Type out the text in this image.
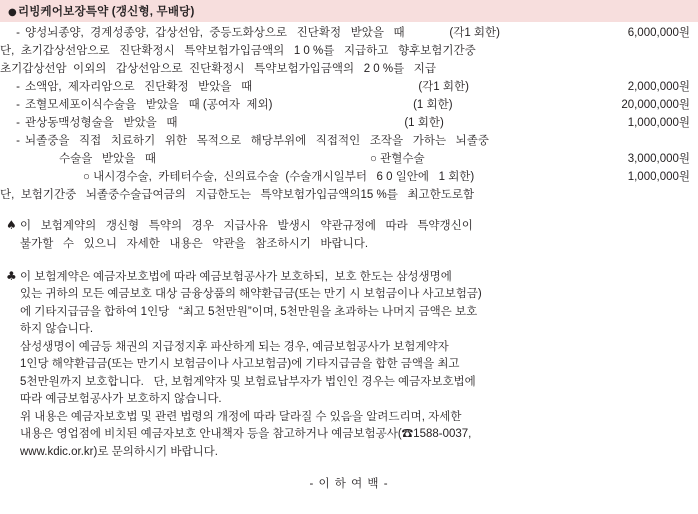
●리빙케어보장특약 (갱신형, 무배당)
- 양성뇌종양,  경계성종양,  갑상선암,  중등도화상으로   진단확정   받았을   때              (각1 회한)	6,000,000원
단,  초기갑상선암으로   진단확정시   특약보험가입금액의   1 0 %를   지급하고   향후보험기간중
초기갑상선암  이외의   갑상선암으로  진단확정시   특약보험가입금액의   2 0 %를   지급
- 소액암,  제자리암으로   진단확정   받았을   때                                                    (각1 회한)	2,000,000원
- 조혈모세포이식수술을   받았을   때 (공여자  제외)                                            (1 회한)	20,000,000원
- 관상동맥성형술을   받았을   때                                                                       (1 회한)	1,000,000원
- 뇌졸중을   직접   치료하기   위한   목적으로   해당부위에   직접적인   조작을   가하는   뇌졸중
수술을   받았을   때                                                                   ○ 관혈수술	3,000,000원
○ 내시경수술,  카테터수술,  신의료수술  (수술개시일부터   6 0 일안에   1 회한)	1,000,000원
단,  보험기간중   뇌졸중수술급여금의   지급한도는   특약보험가입금액의15 %를   최고한도로함
♠ 이   보험계약의   갱신형   특약의   경우   지급사유   발생시   약관규정에   따라   특약갱신이
불가할   수   있으니   자세한   내용은   약관을   참조하시기   바랍니다.
♣ 이 보험계약은 예금자보호법에 따라 예금보험공사가 보호하되,  보호 한도는 삼성생명에
있는 귀하의 모든 예금보호 대상 금융상품의 해약환급금(또는 만기 시 보험금이나 사고보험금)
에 기타지급금을 합하여 1인당   “최고 5천만원”이며, 5천만원을 초과하는 나머지 금액은 보호
하지 않습니다.
삼성생명이 예금등 채권의 지급정지후 파산하게 되는 경우, 예금보험공사가 보험계약자
1인당 해약환급금(또는 만기시 보험금이나 사고보험금)에 기타지급금을 합한 금액을 최고
5천만원까지 보호합니다.   단, 보험계약자 및 보험료납부자가 법인인 경우는 예금자보호법에
따라 예금보험공사가 보호하지 않습니다.
위 내용은 예금자보호법 및 관련 법령의 개정에 따라 달라질 수 있음을 알려드리며, 자세한
내용은 영업점에 비치된 예금자보호 안내책자 등을 참고하거나 예금보험공사(☎1588-0037,
www.kdic.or.kr)로 문의하시기 바랍니다.
- 이 하 여 백 -
